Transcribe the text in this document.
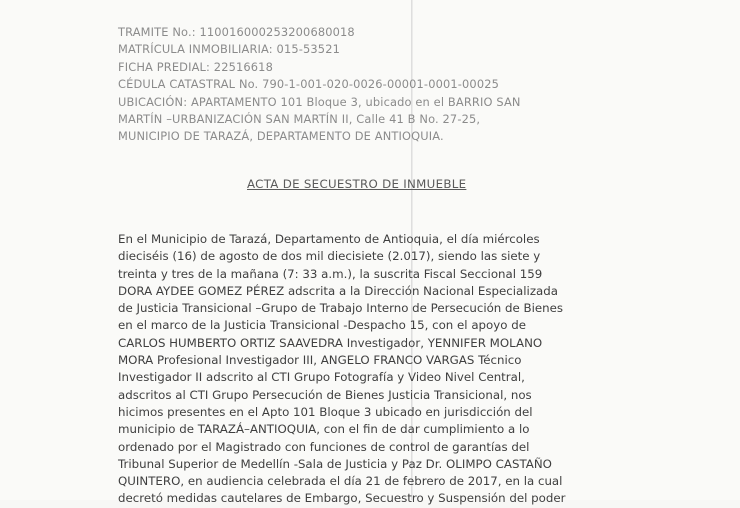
TRAMITE No.: 110016000253200680018
MATRÍCULA INMOBILIARIA: 015-53521
FICHA PREDIAL: 22516618
CÉDULA CATASTRAL No. 790-1-001-020-0026-00001-0001-00025
UBICACIÓN: APARTAMENTO 101 Bloque 3, ubicado en el BARRIO SAN
MARTÍN –URBANIZACIÓN SAN MARTÍN II, Calle 41 B No. 27-25,
MUNICIPIO DE TARAZÁ, DEPARTAMENTO DE ANTIOQUIA.
ACTA DE SECUESTRO DE INMUEBLE
En el Municipio de Tarazá, Departamento de Antioquia, el día miércoles
dieciséis (16) de agosto de dos mil diecisiete (2.017), siendo las siete y
treinta y tres de la mañana (7: 33 a.m.), la suscrita Fiscal Seccional 159
DORA AYDEE GOMEZ PÉREZ adscrita a la Dirección Nacional Especializada
de Justicia Transicional –Grupo de Trabajo Interno de Persecución de Bienes
en el marco de la Justicia Transicional -Despacho 15, con el apoyo de
CARLOS HUMBERTO ORTIZ SAAVEDRA Investigador, YENNIFER MOLANO
MORA Profesional Investigador III, ANGELO FRANCO VARGAS Técnico
Investigador II adscrito al CTI Grupo Fotografía y Video Nivel Central,
adscritos al CTI Grupo Persecución de Bienes Justicia Transicional, nos
hicimos presentes en el Apto 101 Bloque 3 ubicado en jurisdicción del
municipio de TARAZÁ–ANTIOQUIA, con el fin de dar cumplimiento a lo
ordenado por el Magistrado con funciones de control de garantías del
Tribunal Superior de Medellín -Sala de Justicia y Paz Dr. OLIMPO CASTAÑO
QUINTERO, en audiencia celebrada el día 21 de febrero de 2017, en la cual
decretó medidas cautelares de Embargo, Secuestro y Suspensión del poder
